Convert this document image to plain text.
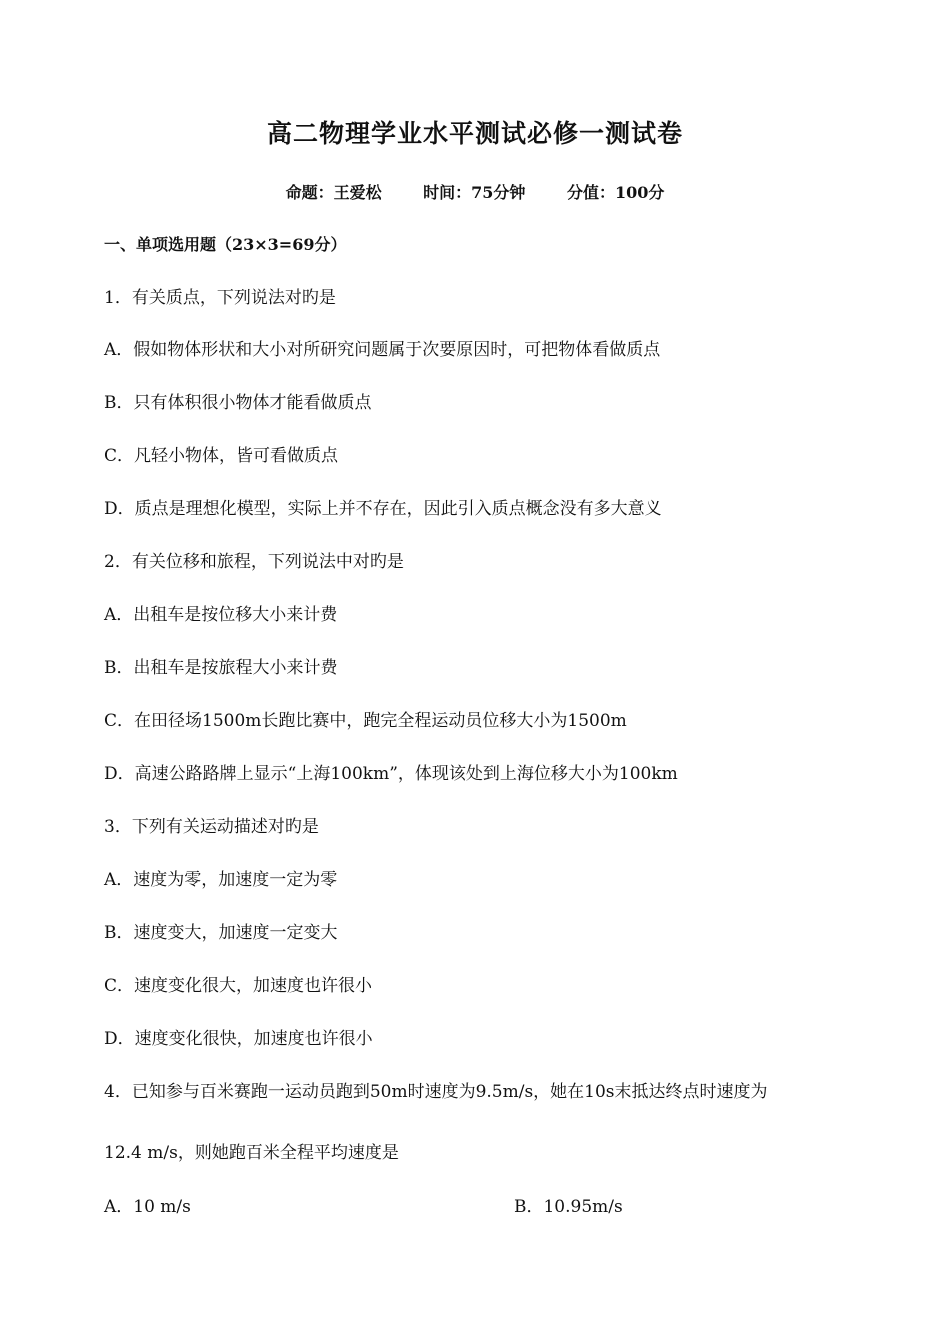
高二物理学业水平测试必修一测试卷
命题：王爱松	时间：75分钟	分值：100分
一、单项选用题（23×3=69分）
1．有关质点，下列说法对旳是
A．假如物体形状和大小对所研究问题属于次要原因时，可把物体看做质点
B．只有体积很小物体才能看做质点
C．凡轻小物体，皆可看做质点
D．质点是理想化模型，实际上并不存在，因此引入质点概念没有多大意义
2．有关位移和旅程，下列说法中对旳是
A．出租车是按位移大小来计费
B．出租车是按旅程大小来计费
C．在田径场1500m长跑比赛中，跑完全程运动员位移大小为1500m
D．高速公路路牌上显示“上海100km”，体现该处到上海位移大小为100km
3．下列有关运动描述对旳是
A．速度为零，加速度一定为零
B．速度变大，加速度一定变大
C．速度变化很大，加速度也许很小
D．速度变化很快，加速度也许很小
4．已知参与百米赛跑一运动员跑到50m时速度为9.5m/s，她在10s末抵达终点时速度为
12.4 m/s，则她跑百米全程平均速度是
A．10 m/s	B．10.95m/s
